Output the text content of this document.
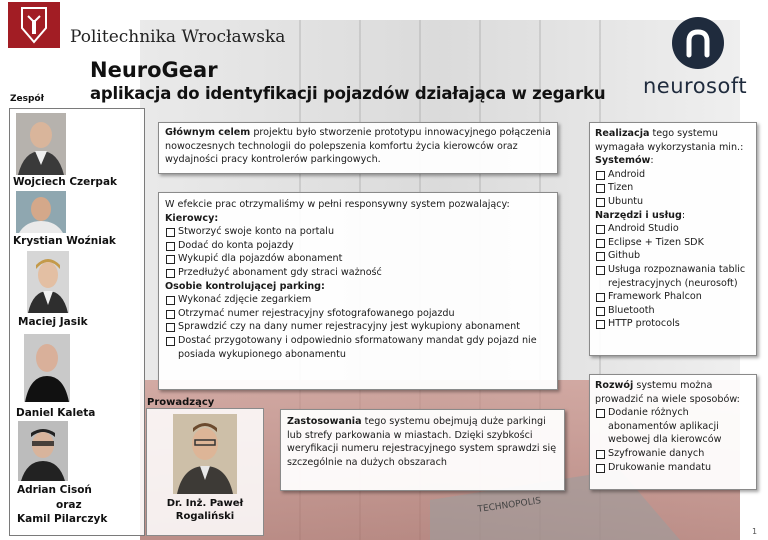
TECHNOPOLIS
Politechnika Wrocławska
NeuroGear
aplikacja do identyfikacji pojazdów działająca w zegarku
Zespół
neurosoft
Wojciech Czerpak
Krystian Woźniak
Maciej Jasik
Daniel Kaleta
Adrian Cisoń
oraz
Kamil Pilarczyk
Głównym celem projektu było stworzenie prototypu innowacyjnego połączenia nowoczesnych technologii do polepszenia komfortu życia kierowców oraz wydajności pracy kontrolerów parkingowych.
W efekcie prac otrzymaliśmy w pełni responsywny system pozwalający:
Kierowcy:
Stworzyć swoje konto na portalu
Dodać do konta pojazdy
Wykupić dla pojazdów abonament
Przedłużyć abonament gdy straci ważność
Osobie kontrolującej parking:
Wykonać zdjęcie zegarkiem
Otrzymać numer rejestracyjny sfotografowanego pojazdu
Sprawdzić czy na dany numer rejestracyjny jest wykupiony abonament
Dostać przygotowany i odpowiednio sformatowany mandat gdy pojazd nie posiada wykupionego abonamentu
Realizacja tego systemu wymagała wykorzystania min.:
Systemów:
Android
Tizen
Ubuntu
Narzędzi i usług:
Android Studio
Eclipse + Tizen SDK
Github
Usługa rozpoznawania tablic rejestracyjnych (neurosoft)
Framework Phalcon
Bluetooth
HTTP protocols
Rozwój systemu można prowadzić na wiele sposobów:
Dodanie różnych abonamentów aplikacji webowej dla kierowców
Szyfrowanie danych
Drukowanie mandatu
Zastosowania tego systemu obejmują duże parkingi lub strefy parkowania w miastach. Dzięki szybkości weryfikacji numeru rejestracyjnego system sprawdzi się szczególnie na dużych obszarach
Prowadzący
Dr. Inż. Paweł Rogaliński
1
